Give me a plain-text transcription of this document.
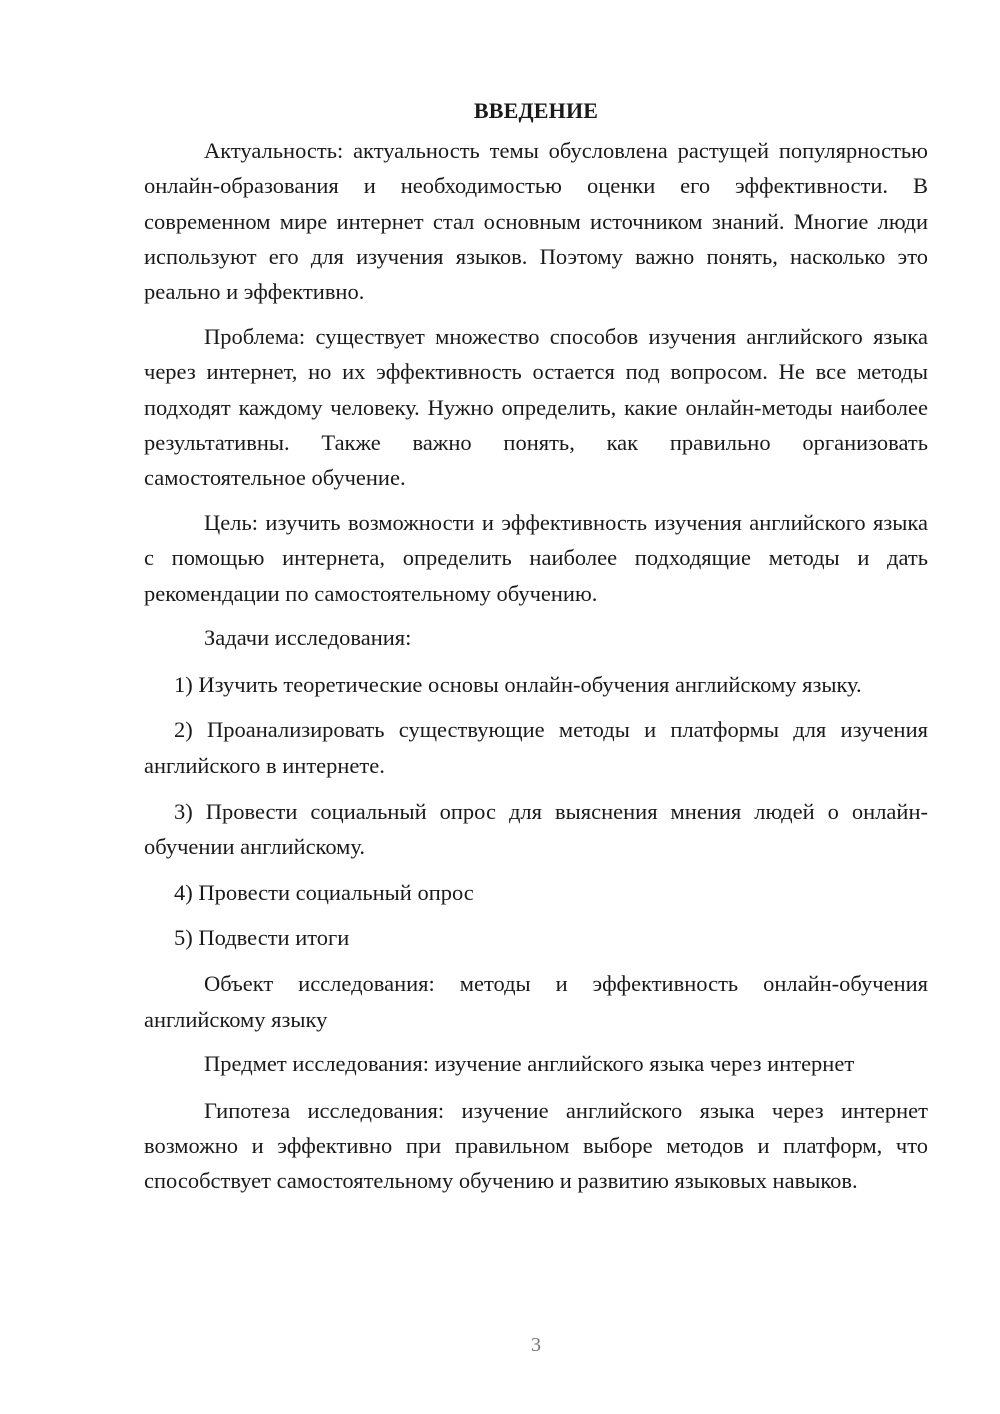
ВВЕДЕНИЕ

Актуальность: актуальность темы обусловлена растущей популярностью онлайн-образования и необходимостью оценки его эффективности. В современном мире интернет стал основным источником знаний. Многие люди используют его для изучения языков. Поэтому важно понять, насколько это реально и эффективно.

Проблема: существует множество способов изучения английского языка через интернет, но их эффективность остается под вопросом. Не все методы подходят каждому человеку. Нужно определить, какие онлайн-методы наиболее результативны. Также важно понять, как правильно организовать самостоятельное обучение.

Цель: изучить возможности и эффективность изучения английского языка с помощью интернета, определить наиболее подходящие методы и дать рекомендации по самостоятельному обучению.

Задачи исследования:

1) Изучить теоретические основы онлайн-обучения английскому языку.

2) Проанализировать существующие методы и платформы для изучения английского в интернете.

3) Провести социальный опрос для выяснения мнения людей о онлайн-обучении английскому.

4) Провести социальный опрос

5) Подвести итоги

Объект исследования: методы и эффективность онлайн-обучения английскому языку

Предмет исследования: изучение английского языка через интернет

Гипотеза исследования: изучение английского языка через интернет возможно и эффективно при правильном выборе методов и платформ, что способствует самостоятельному обучению и развитию языковых навыков.

3
